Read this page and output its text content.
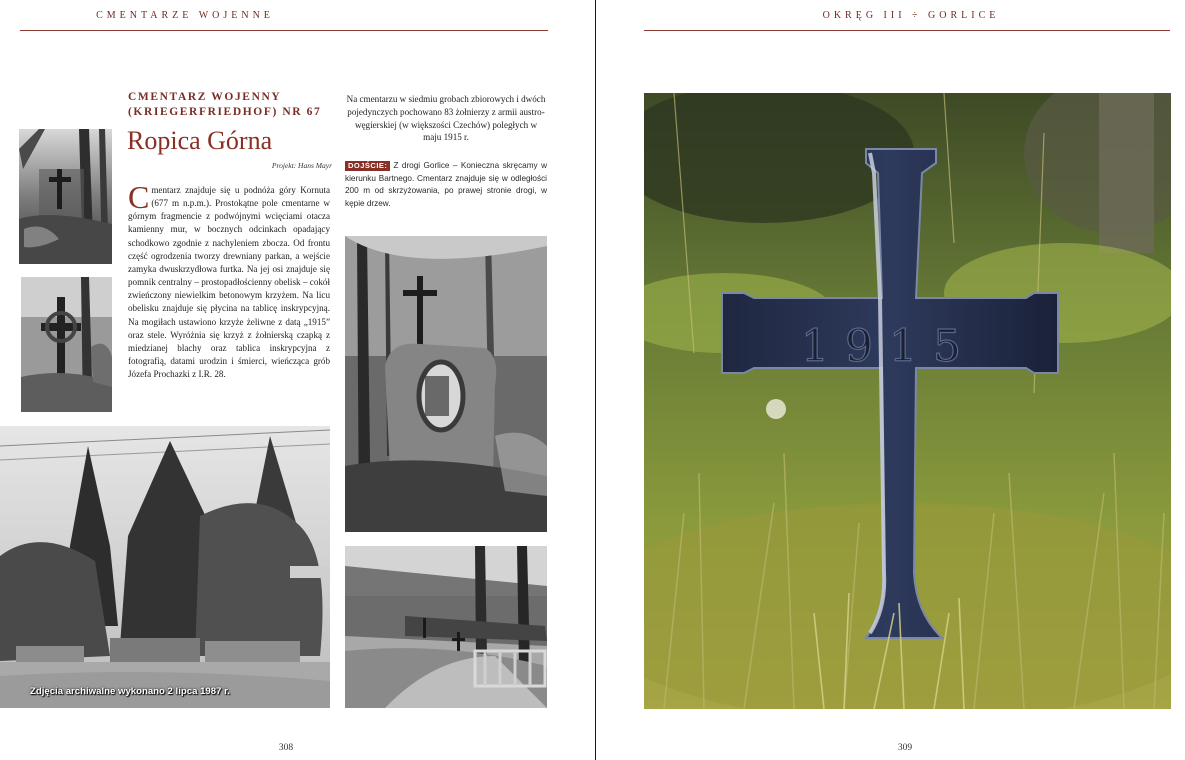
CMENTARZE WOJENNE
CMENTARZ WOJENNY
(KRIEGERFRIEDHOF) NR 67
Ropica Górna
Projekt: Hans Mayr
Cmentarz znajduje się u podnóża góry Kornuta (677 m n.p.m.). Prostokątne pole cmentarne w górnym fragmencie z podwójnymi wcięciami otacza kamienny mur, w bocznych odcinkach opadający schodkowo zgodnie z nachyleniem zbocza. Od frontu część ogrodzenia tworzy drewniany parkan, a wejście zamyka dwuskrzydłowa furtka. Na jej osi znajduje się pomnik centralny – prostopadłościenny obelisk – cokół zwieńczony niewielkim betonowym krzyżem. Na licu obelisku znajduje się płycina na tablicę inskrypcyjną. Na mogiłach ustawiono krzyże żeliwne z datą „1915” oraz stele. Wyróżnia się krzyż z żołnierską czapką z miedzianej blachy oraz tablica inskrypcyjna z fotografią, datami urodzin i śmierci, wieńcząca grób Józefa Prochazki z I.R. 28.
Na cmentarzu w siedmiu grobach zbiorowych i dwóch pojedynczych pochowano 83 żołnierzy z armii austro-węgierskiej (w większości Czechów) poległych w maju 1915 r.
DOJŚCIE: Z drogi Gorlice – Konieczna skręcamy w kierunku Bartnego. Cmentarz znajduje się w odległości 200 m od skrzyżowania, po prawej stronie drogi, w kępie drzew.
Zdjęcia archiwalne wykonano 2 lipca 1987 r.
308
OKRĘG III ÷ GORLICE
1915
309
